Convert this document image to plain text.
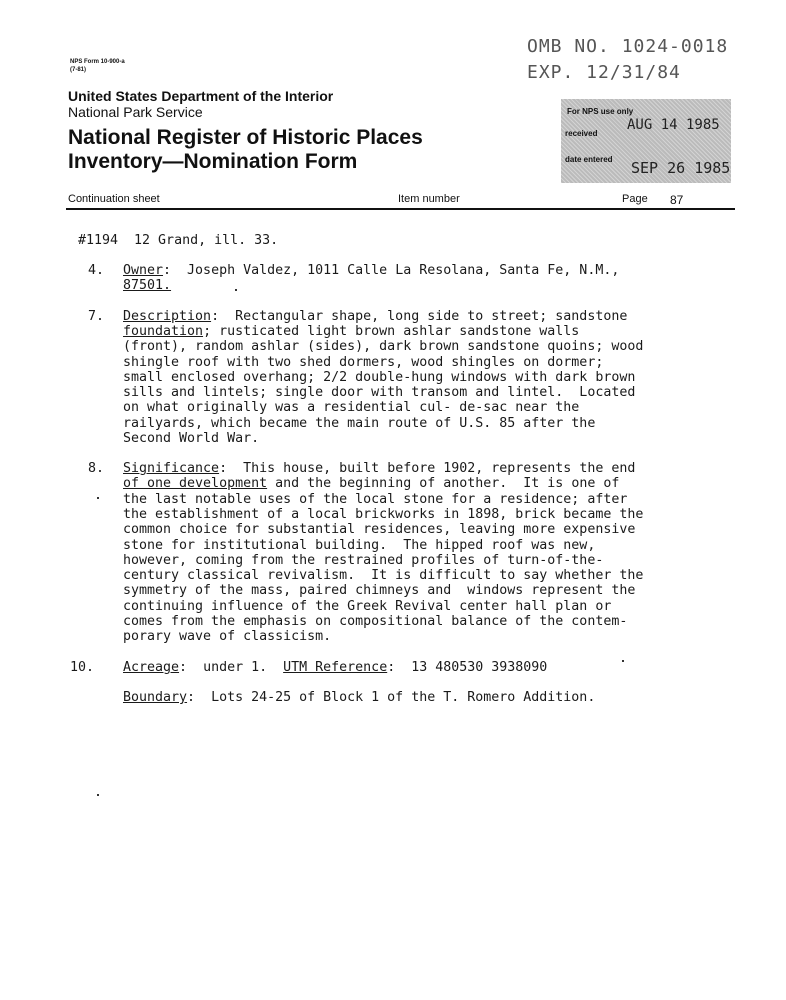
NPS Form 10-900-a
(7-81)
OMB NO. 1024-0018
EXP. 12/31/84
United States Department of the Interior
National Park Service
National Register of Historic Places
Inventory—Nomination Form
For NPS use only
received
AUG 14 1985
date entered SEP 26 1985
Continuation sheet	Item number	Page 87
#1194  12 Grand, ill. 33.
4. Owner:  Joseph Valdez, 1011 Calle La Resolana, Santa Fe, N.M.,
87501.
7. Description:  Rectangular shape, long side to street; sandstone
foundation; rusticated light brown ashlar sandstone walls
(front), random ashlar (sides), dark brown sandstone quoins; wood
shingle roof with two shed dormers, wood shingles on dormer;
small enclosed overhang; 2/2 double-hung windows with dark brown
sills and lintels; single door with transom and lintel.  Located
on what originally was a residential cul- de-sac near the
railyards, which became the main route of U.S. 85 after the
Second World War.
8. Significance:  This house, built before 1902, represents the end
of one development and the beginning of another.  It is one of
the last notable uses of the local stone for a residence; after
the establishment of a local brickworks in 1898, brick became the
common choice for substantial residences, leaving more expensive
stone for institutional building.  The hipped roof was new,
however, coming from the restrained profiles of turn-of-the-
century classical revivalism.  It is difficult to say whether the
symmetry of the mass, paired chimneys and  windows represent the
continuing influence of the Greek Revival center hall plan or
comes from the emphasis on compositional balance of the contem-
porary wave of classicism.
10. Acreage:  under 1.  UTM Reference:  13 480530 3938090
Boundary:  Lots 24-25 of Block 1 of the T. Romero Addition.
